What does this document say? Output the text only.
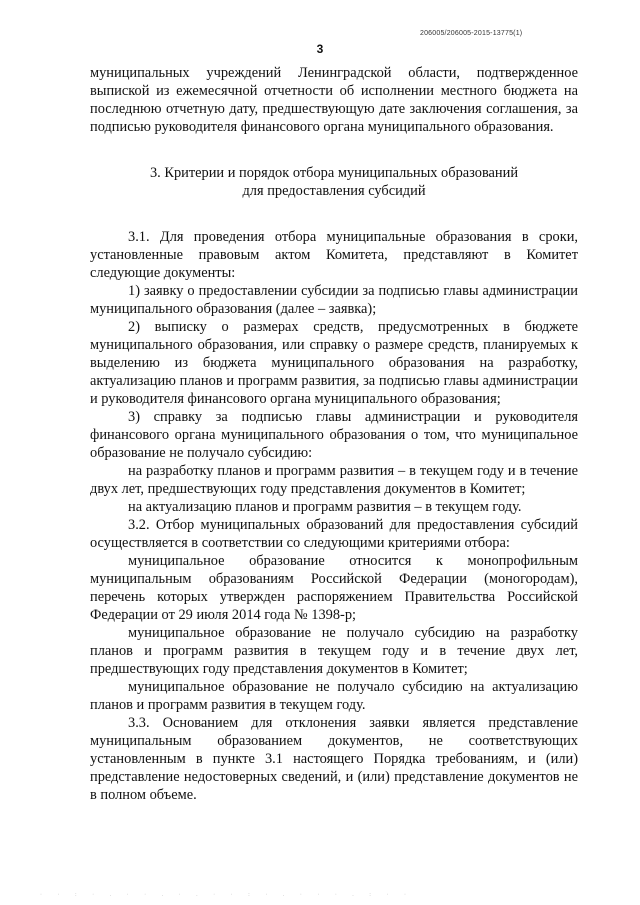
206005/206005-2015-13775(1)
3

муниципальных учреждений Ленинградской области, подтвержденное выпиской из ежемесячной отчетности об исполнении местного бюджета на последнюю отчетную дату, предшествующую дате заключения соглашения, за подписью руководителя финансового органа муниципального образования.

3. Критерии и порядок отбора муниципальных образований

для предоставления субсидий

3.1. Для проведения отбора муниципальные образования в сроки, установленные правовым актом Комитета, представляют в Комитет следующие документы:

1) заявку о предоставлении субсидии за подписью главы администрации муниципального образования (далее – заявка);

2) выписку о размерах средств, предусмотренных в бюджете муниципального образования, или справку о размере средств, планируемых к выделению из бюджета муниципального образования на разработку, актуализацию планов и программ развития, за подписью главы администрации и руководителя финансового органа муниципального образования;

3) справку за подписью главы администрации и руководителя финансового органа муниципального образования о том, что муниципальное образование не получало субсидию:

на разработку планов и программ развития – в текущем году и в течение двух лет, предшествующих году представления документов в Комитет;

на актуализацию планов и программ развития – в текущем году.

3.2. Отбор муниципальных образований для предоставления субсидий осуществляется в соответствии со следующими критериями отбора:

муниципальное образование относится к монопрофильным муниципальным образованиям Российской Федерации (моногородам), перечень которых утвержден распоряжением Правительства Российской Федерации от 29 июля 2014 года № 1398-р;

муниципальное образование не получало субсидию на разработку планов и программ развития в текущем году и в течение двух лет, предшествующих году представления документов в Комитет;

муниципальное образование не получало субсидию на актуализацию планов и программ развития в текущем году.

3.3. Основанием для отклонения заявки является представление муниципальным образованием документов, не соответствующих установленным в пункте 3.1 настоящего Порядка требованиям, и (или) представление недостоверных сведений, и (или) представление документов не в полном объеме.

· · : · . · · . · . · · : · . · · · . : · ·
